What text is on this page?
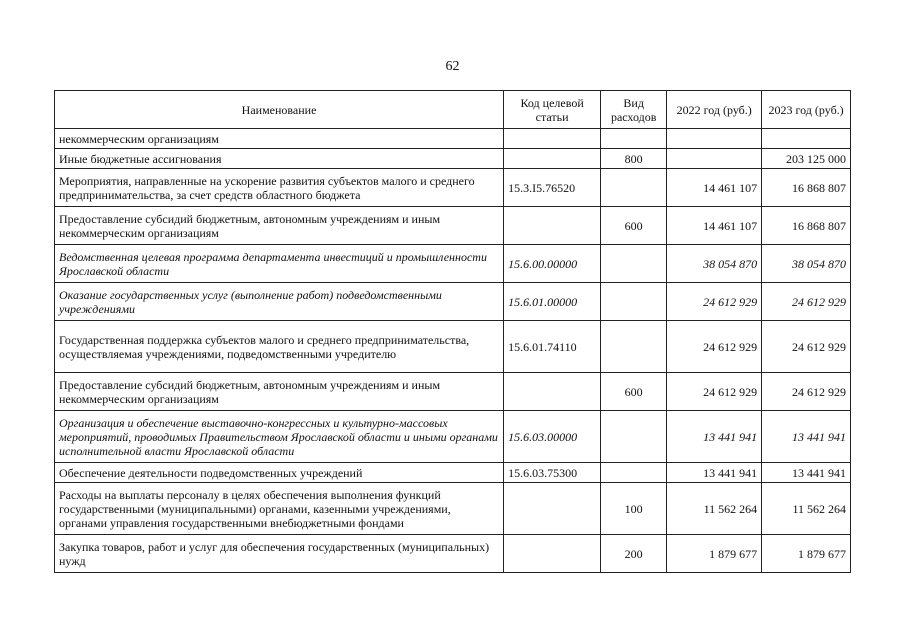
62
Наименование	Код целевой статьи	Вид расходов	2022 год (руб.)	2023 год (руб.)
некоммерческим организациям				
Иные бюджетные ассигнования		800		203 125 000
Мероприятия, направленные на ускорение развития субъектов малого и среднего предпринимательства, за счет средств областного бюджета	15.3.I5.76520		14 461 107	16 868 807
Предоставление субсидий бюджетным, автономным учреждениям и иным некоммерческим организациям		600	14 461 107	16 868 807
Ведомственная целевая программа департамента инвестиций и промышленности Ярославской области	15.6.00.00000		38 054 870	38 054 870
Оказание государственных услуг (выполнение работ) подведомственными учреждениями	15.6.01.00000		24 612 929	24 612 929
Государственная поддержка субъектов малого и среднего предпринимательства, осуществляемая учреждениями, подведомственными учредителю	15.6.01.74110		24 612 929	24 612 929
Предоставление субсидий бюджетным, автономным учреждениям и иным некоммерческим организациям		600	24 612 929	24 612 929
Организация и обеспечение выставочно-конгрессных и культурно-массовых мероприятий, проводимых Правительством Ярославской области и иными органами исполнительной власти Ярославской области	15.6.03.00000		13 441 941	13 441 941
Обеспечение деятельности подведомственных учреждений	15.6.03.75300		13 441 941	13 441 941
Расходы на выплаты персоналу в целях обеспечения выполнения функций государственными (муниципальными) органами, казенными учреждениями, органами управления государственными внебюджетными фондами		100	11 562 264	11 562 264
Закупка товаров, работ и услуг для обеспечения государственных (муниципальных) нужд		200	1 879 677	1 879 677
